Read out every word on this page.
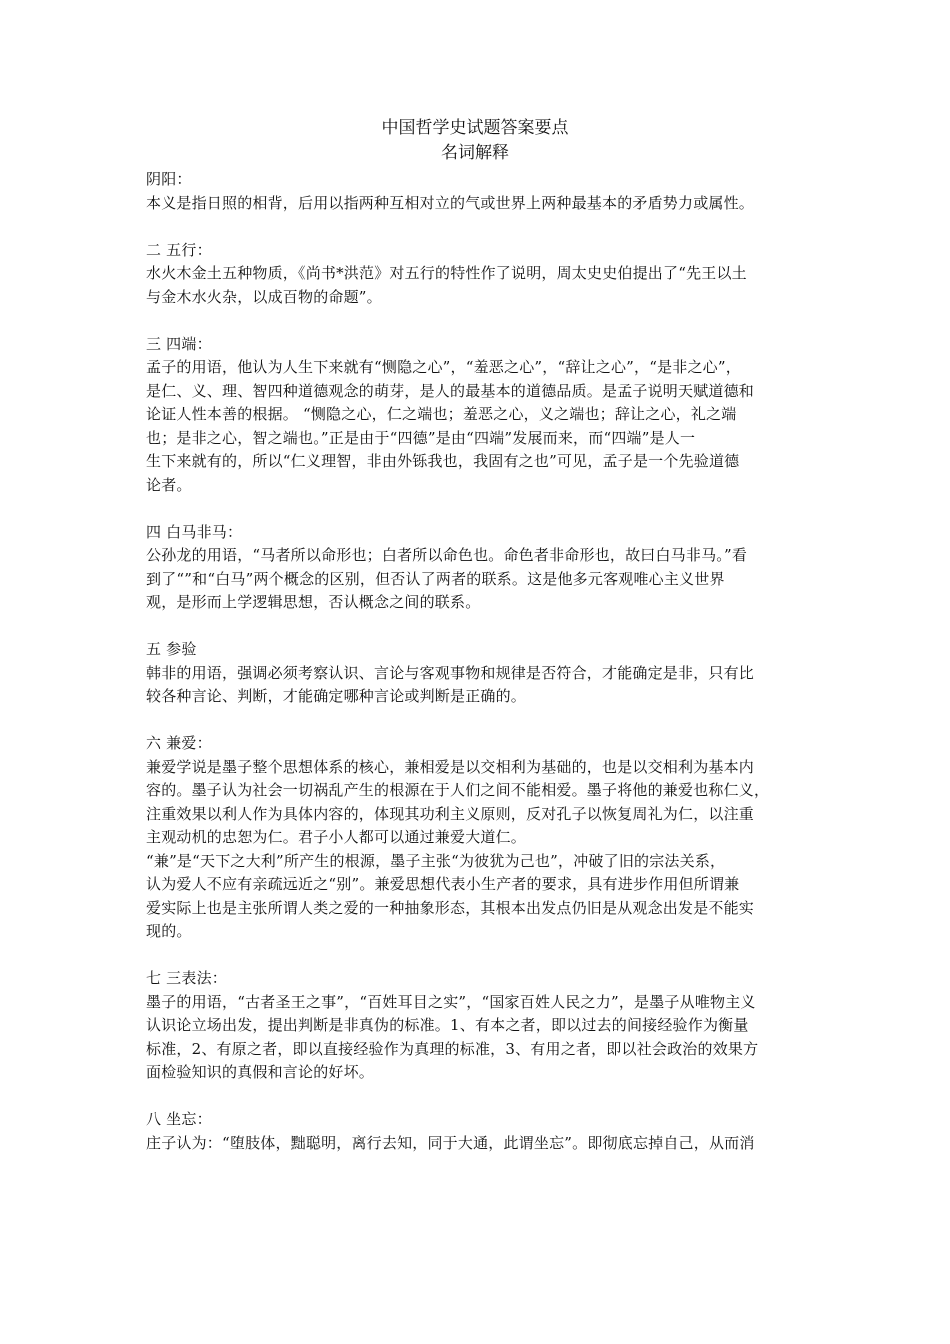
中国哲学史试题答案要点
名词解释

阴阳：

本义是指日照的相背，后用以指两种互相对立的气或世界上两种最基本的矛盾势力或属性。

二 五行：

水火木金土五种物质，《尚书*洪范》对五行的特性作了说明，周太史史伯提出了“先王以土

与金木水火杂，以成百物的命题”。

三 四端：

孟子的用语，他认为人生下来就有“恻隐之心”，“羞恶之心”，“辞让之心”，“是非之心”，

是仁、义、理、智四种道德观念的萌芽，是人的最基本的道德品质。是孟子说明天赋道德和

论证人性本善的根据。 “恻隐之心，仁之端也；羞恶之心，义之端也；辞让之心，礼之端

也；是非之心，智之端也。”正是由于“四德”是由“四端”发展而来，而“四端”是人一

生下来就有的，所以“仁义理智，非由外铄我也，我固有之也”可见，孟子是一个先验道德

论者。

四 白马非马：

公孙龙的用语，“马者所以命形也；白者所以命色也。命色者非命形也，故曰白马非马。”看

到了“”和“白马”两个概念的区别，但否认了两者的联系。这是他多元客观唯心主义世界

观，是形而上学逻辑思想，否认概念之间的联系。

五 参验

韩非的用语，强调必须考察认识、言论与客观事物和规律是否符合，才能确定是非，只有比

较各种言论、判断，才能确定哪种言论或判断是正确的。

六 兼爱：

兼爱学说是墨子整个思想体系的核心，兼相爱是以交相利为基础的，也是以交相利为基本内

容的。墨子认为社会一切祸乱产生的根源在于人们之间不能相爱。墨子将他的兼爱也称仁义，

注重效果以利人作为具体内容的，体现其功利主义原则，反对孔子以恢复周礼为仁，以注重

主观动机的忠恕为仁。君子小人都可以通过兼爱大道仁。

“兼”是“天下之大利”所产生的根源，墨子主张“为彼犹为己也”，冲破了旧的宗法关系，

认为爱人不应有亲疏远近之“别”。兼爱思想代表小生产者的要求，具有进步作用但所谓兼

爱实际上也是主张所谓人类之爱的一种抽象形态，其根本出发点仍旧是从观念出发是不能实

现的。

七 三表法：

墨子的用语，“古者圣王之事”，“百姓耳目之实”，“国家百姓人民之力”，是墨子从唯物主义

认识论立场出发，提出判断是非真伪的标准。1、有本之者，即以过去的间接经验作为衡量

标准，2、有原之者，即以直接经验作为真理的标准，3、有用之者，即以社会政治的效果方

面检验知识的真假和言论的好坏。

八 坐忘：

庄子认为：“堕肢体，黜聪明，离行去知，同于大通，此谓坐忘”。即彻底忘掉自己，从而消
